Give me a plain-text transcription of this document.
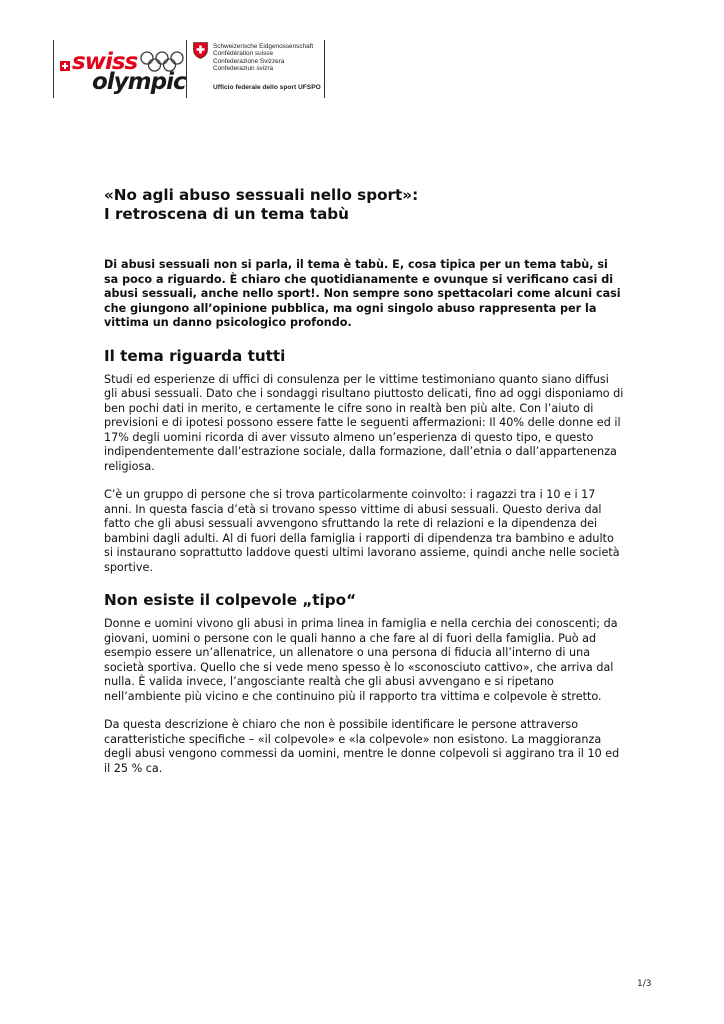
swiss
olympic
Schweizerische Eidgenossenschaft
Confédération suisse
Confederazione Svizzera
Confederaziun svizra
Ufficio federale dello sport UFSPO
«No agli abuso sessuali nello sport»:
I retroscena di un tema tabù

Di abusi sessuali non si parla, il tema è tabù. E, cosa tipica per un tema tabù, si sa poco a riguardo. È chiaro che quotidianamente e ovunque si verificano casi di abusi sessuali, anche nello sport!. Non sempre sono spettacolari come alcuni casi che giungono all’opinione pubblica, ma ogni singolo abuso rappresenta per la vittima un danno psicologico profondo.

Il tema riguarda tutti

Studi ed esperienze di uffici di consulenza per le vittime testimoniano quanto siano diffusi gli abusi sessuali. Dato che i sondaggi risultano piuttosto delicati, fino ad oggi disponiamo di ben pochi dati in merito, e certamente le cifre sono in realtà ben più alte. Con l’aiuto di previsioni e di ipotesi possono essere fatte le seguenti affermazioni: Il 40% delle donne ed il 17% degli uomini ricorda di aver vissuto almeno un’esperienza di questo tipo, e questo indipendentemente dall’estrazione sociale, dalla formazione, dall’etnia o dall’appartenenza religiosa.

C’è un gruppo di persone che si trova particolarmente coinvolto: i ragazzi tra i 10 e i 17 anni. In questa fascia d’età si trovano spesso vittime di abusi sessuali. Questo deriva dal fatto che gli abusi sessuali avvengono sfruttando la rete di relazioni e la dipendenza dei bambini dagli adulti. Al di fuori della famiglia i rapporti di dipendenza tra bambino e adulto si instaurano soprattutto laddove questi ultimi lavorano assieme, quindi anche nelle società sportive.

Non esiste il colpevole „tipo“

Donne e uomini vivono gli abusi in prima linea in famiglia e nella cerchia dei conoscenti; da giovani, uomini o persone con le quali hanno a che fare al di fuori della famiglia. Può ad esempio essere un’allenatrice, un allenatore o una persona di fiducia all’interno di una società sportiva. Quello che si vede meno spesso è lo «sconosciuto cattivo», che arriva dal nulla. È valida invece, l’angosciante realtà che gli abusi avvengano e si ripetano nell’ambiente più vicino e che continuino più il rapporto tra vittima e colpevole è stretto.

Da questa descrizione è chiaro che non è possibile identificare le persone attraverso caratteristiche specifiche – «il colpevole» e «la colpevole» non esistono. La maggioranza degli abusi vengono commessi da uomini, mentre le donne colpevoli si aggirano tra il 10 ed il 25 % ca.

1/3
